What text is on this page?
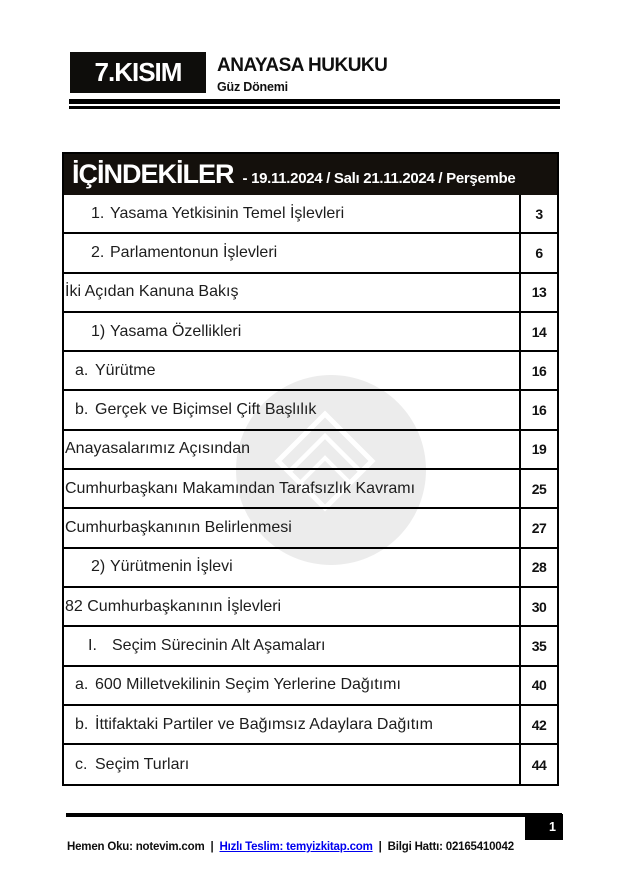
7.KISIM ANAYASA HUKUKU
Güz Dönemi
İÇİNDEKİLER - 19.11.2024 / Salı 21.11.2024 / Perşembe
1. Yasama Yetkisinin Temel İşlevleri	3
2. Parlamentonun İşlevleri	6
İki Açıdan Kanuna Bakış	13
1) Yasama Özellikleri	14
a. Yürütme	16
b. Gerçek ve Biçimsel Çift Başlılık	16
Anayasalarımız Açısından	19
Cumhurbaşkanı Makamından Tarafsızlık Kavramı	25
Cumhurbaşkanının Belirlenmesi	27
2) Yürütmenin İşlevi	28
82 Cumhurbaşkanının İşlevleri	30
I. Seçim Sürecinin Alt Aşamaları	35
a. 600 Milletvekilinin Seçim Yerlerine Dağıtımı	40
b. İttifaktaki Partiler ve Bağımsız Adaylara Dağıtım	42
c. Seçim Turları	44
1
Hemen Oku: notevim.com | Hızlı Teslim: temyizkitap.com | Bilgi Hattı: 02165410042
